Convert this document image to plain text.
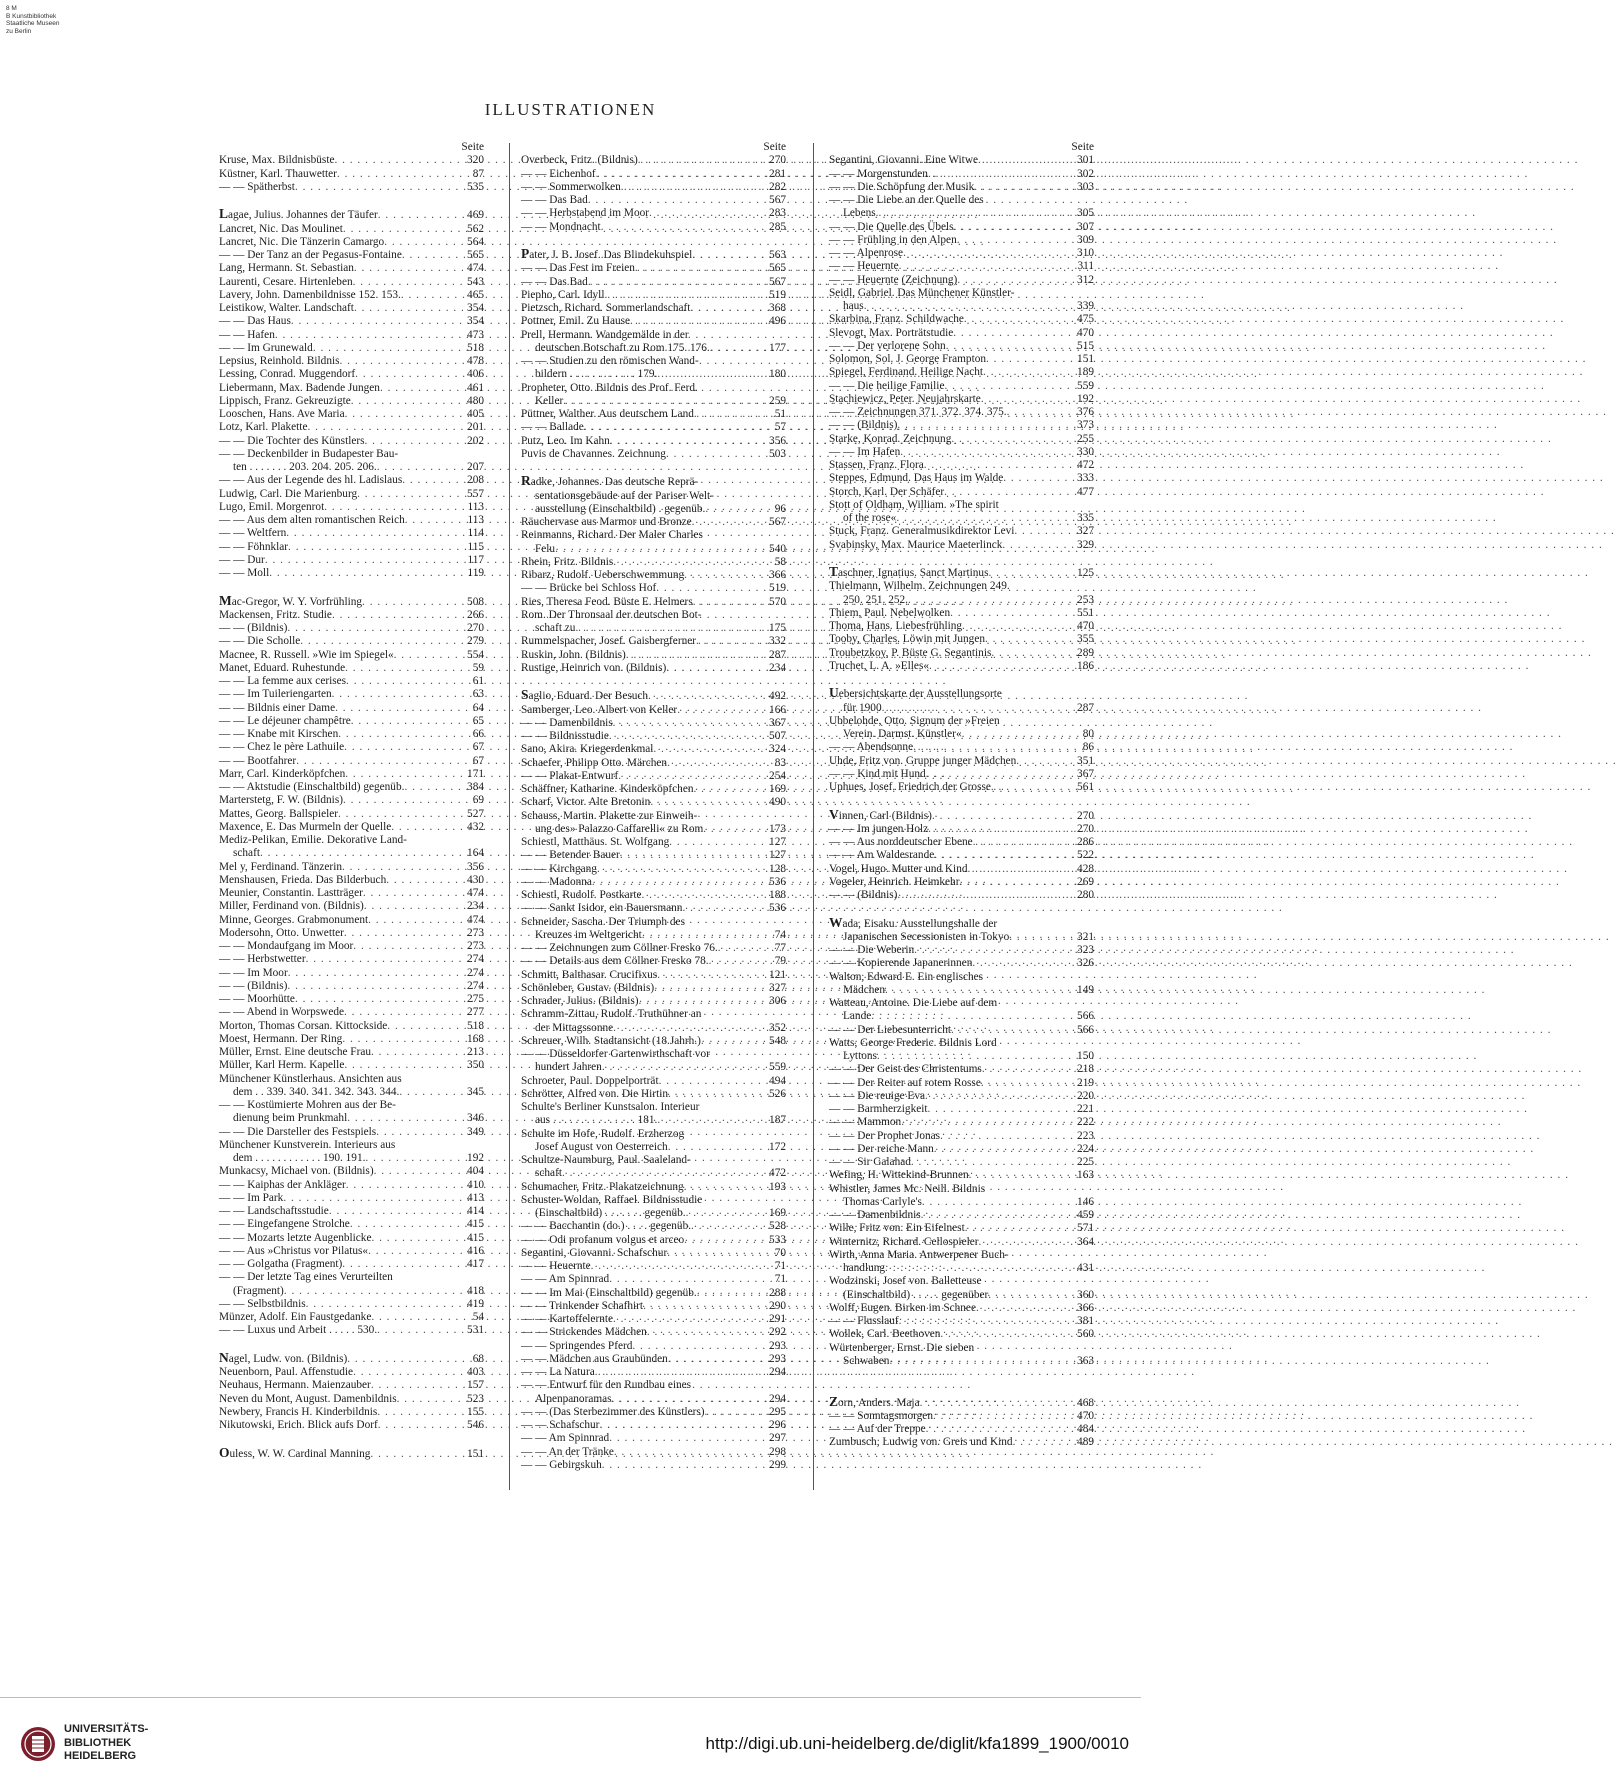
8 M
B Kunstbibliothek
Staatliche Museen
zu Berlin
ILLUSTRATIONEN
Seite
Kruse, Max. Bildnisbüste . . .	320
Küstner, Karl. Thauwetter . . .	87
— — Spätherbst . . .	535
Lagae, Julius. Johannes der Täufer . . .	469
Lancret, Nic. Das Moulinet . . .	562
Lancret, Nic. Die Tänzerin Camargo . . .	564
— — Der Tanz an der Pegasus-Fontaine . . .	565
Lang, Hermann. St. Sebastian . . .	474
Laurenti, Cesare. Hirtenleben . . .	543
Lavery, John. Damenbildnisse 152. 153. . . .	465
Leistikow, Walter. Landschaft . . .	354
— — Das Haus . . .	354
— — Hafen . . .	473
— — Im Grunewald . . .	518
Lepsius, Reinhold. Bildnis . . .	478
Lessing, Conrad. Muggendorf . . .	406
Liebermann, Max. Badende Jungen . . .	461
Lippisch, Franz. Gekreuzigte . . .	480
Looschen, Hans. Ave Maria . . .	405
Lotz, Karl. Plakette . . .	201
— — Die Tochter des Künstlers . . .	202
— — Deckenbilder in Budapester Bau-
ten . . . . . . . 203. 204. 205. 206. . . .	207
— — Aus der Legende des hl. Ladislaus . . .	208
Ludwig, Carl. Die Marienburg . . .	557
Lugo, Emil. Morgenrot . . .	113
— — Aus dem alten romantischen Reich . . .	113
— — Weltfern . . .	114
— — Föhnklar . . .	115
— — Dur . . .	117
— — Moll . . .	119
Mac-Gregor, W. Y. Vorfrühling . . .	508
Mackensen, Fritz. Studie . . .	266
— — (Bildnis) . . .	270
— — Die Scholle . . .	279
Macnee, R. Russell. »Wie im Spiegel« . . .	554
Manet, Eduard. Ruhestunde . . .	59
— — La femme aux cerises . . .	61
— — Im Tuileriengarten . . .	63
— — Bildnis einer Dame . . .	64
— — Le déjeuner champêtre . . .	65
— — Knabe mit Kirschen . . .	66
— — Chez le père Lathuile . . .	67
— — Bootfahrer . . .	67
Marr, Carl. Kinderköpfchen . . .	171
— — Aktstudie (Einschaltbild) gegenüb. . . .	384
Marterstetg, F. W. (Bildnis) . . .	69
Mattes, Georg. Ballspieler . . .	527
Maxence, E. Das Murmeln der Quelle . . .	432
Mediz-Pelikan, Emilie. Dekorative Land-
schaft . . .	164
Mel y, Ferdinand. Tänzerin . . .	356
Menshausen, Frieda. Das Bilderbuch . . .	430
Meunier, Constantin. Lastträger . . .	474
Miller, Ferdinand von. (Bildnis) . . .	234
Minne, Georges. Grabmonument . . .	474
Modersohn, Otto. Unwetter . . .	273
— — Mondaufgang im Moor . . .	273
— — Herbstwetter . . .	274
— — Im Moor . . .	274
— — (Bildnis) . . .	274
— — Moorhütte . . .	275
— — Abend in Worpswede . . .	277
Morton, Thomas Corsan. Kittockside . . .	518
Moest, Hermann. Der Ring . . .	168
Müller, Ernst. Eine deutsche Frau . . .	213
Müller, Karl Herm. Kapelle . . .	350
Münchener Künstlerhaus. Ansichten aus
dem . . 339. 340. 341. 342. 343. 344. . . .	345
— — Kostümierte Mohren aus der Be-
dienung beim Prunkmahl . . .	346
— — Die Darsteller des Festspiels . . .	349
Münchener Kunstverein. Interieurs aus
dem . . . . . . . . . . . . 190. 191. . . .	192
Munkacsy, Michael von. (Bildnis) . . .	404
— — Kaiphas der Ankläger . . .	410
— — Im Park . . .	413
— — Landschaftsstudie . . .	414
— — Eingefangene Strolche . . .	415
— — Mozarts letzte Augenblicke . . .	415
— — Aus »Christus vor Pilatus« . . .	416
— — Golgatha (Fragment) . . .	417
— — Der letzte Tag eines Verurteilten
(Fragment) . . .	418
— — Selbstbildnis . . .	419
Münzer, Adolf. Ein Faustgedanke . . .	54
— — Luxus und Arbeit . . . . . 530. . . .	531
Nagel, Ludw. von. (Bildnis) . . .	68
Neuenborn, Paul. Affenstudie . . .	403
Neuhaus, Hermann. Maienzauber . . .	157
Neven du Mont, August. Damenbildnis . . .	523
Newbery, Francis H. Kinderbildnis . . .	155
Nikutowski, Erich. Blick aufs Dorf . . .	546
Ouless, W. W. Cardinal Manning . . .	151
Seite
Overbeck, Fritz. (Bildnis) . . .	270
— — Eichenhof . . .	281
— — Sommerwolken . . .	282
— — Das Bad . . .	567
— — Herbstabend im Moor . . .	283
— — Mondnacht . . .	285
Pater, J. B. Josef. Das Blindekuhspiel . . .	563
— — Das Fest im Freien . . .	565
— — Das Bad . . .	567
Piepho, Carl. Idyll . . .	519
Pietzsch, Richard. Sommerlandschaft . . .	368
Pottner, Emil. Zu Hause . . .	496
Prell, Hermann. Wandgemälde in der
deutschen Botschaft zu Rom 175. 176. . . .	177
— — Studien zu den römischen Wand-
bildern . . . . . . . . . . . . 179. . . .	180
Propheter, Otto. Bildnis des Prof. Ferd.
Keller . . .	259
Püttner, Walther. Aus deutschem Land . . .	51
— — Ballade . . .	57
Putz, Leo. Im Kahn . . .	356
Puvis de Chavannes. Zeichnung . . .	503
Radke, Johannes. Das deutsche Reprä-
sentationsgebäude auf der Pariser Welt-
ausstellung (Einschaltbild) . gegenüb. . . .	96
Räuchervase aus Marmor und Bronze . . .	567
Reinmanns, Richard. Der Maler Charles
Felu . . .	540
Rhein, Fritz. Bildnis . . .	58
Ribarz, Rudolf. Ueberschwemmung . . .	366
— — Brücke bei Schloss Hof . . .	519
Ries, Theresa Feod. Büste E. Helmers . . .	570
Rom. Der Thronsaal der deutschen Bot-
schaft zu . . .	175
Rummelspacher, Josef. Gaisbergferner . . .	332
Ruskin, John. (Bildnis) . . .	287
Rustige, Heinrich von. (Bildnis) . . .	234
Saglio, Eduard. Der Besuch . . .	492
Samberger, Leo. Albert von Keller . . .	166
— — Damenbildnis . . .	367
— — Bildnisstudie . . .	507
Sano, Akira. Kriegerdenkmal . . .	324
Schaefer, Philipp Otto. Märchen . . .	83
— — Plakat-Entwurf . . .	254
Schäffner, Katharine. Kinderköpfchen . . .	169
Scharf, Victor. Alte Bretonin . . .	490
Schauss, Martin. Plakette zur Einweih-
ung des» Palazzo Caffarelli« zu Rom . . .	173
Schiestl, Matthäus. St. Wolfgang . . .	127
— — Betender Bauer . . .	127
— — Kirchgang . . .	128
— — Madonna . . .	536
Schiestl, Rudolf. Postkarte . . .	188
— — Sankt Isidor, ein Bauersmann . . .	536
Schneider, Sascha. Der Triumph des
Kreuzes im Weltgericht . . .	74
— — Zeichnungen zum Cöllner Fresko 76. . . .	77
— — Details aus dem Cöllner Fresko 78. . . .	79
Schmitt, Balthasar. Crucifixus . . .	121
Schönleber, Gustav. (Bildnis) . . .	327
Schrader, Julius. (Bildnis) . . .	306
Schramm-Zittau, Rudolf. Truthühner an
der Mittagssonne . . .	352
Schreuer, Wilh. Stadtansicht (18.Jahrh.) . . .	548
— — Düsseldorfer Gartenwirthschaft vor
hundert Jahren . . .	559
Schroeter, Paul. Doppelporträt . . .	494
Schrötter, Alfred von. Die Hirtin . . .	526
Schulte's Berliner Kunstsalon. Interieur
aus . . . . . . . . . . . . . . . 181. . . .	187
Schulte im Hofe, Rudolf. Erzherzog
Josef August von Oesterreich . . .	172
Schultze-Naumburg, Paul. Saaleland-
schaft . . .	472
Schumacher, Fritz. Plakatzeichnung . . .	193
Schuster-Woldan, Raffael. Bildnisstudie
(Einschaltbild) . . . . . . . gegenüb. . . .	169
— — Bacchantin (do.) . . . . gegenüb. . . .	528
— — Odi profanum volgus et arceo . . .	533
Segantini, Giovanni. Schafschur . . .	70
— — Heuernte . . .	71
— — Am Spinnrad . . .	71
— — Im Mai (Einschaltbild) gegenüb. . . .	288
— — Trinkender Schafhirt . . .	290
— — Kartoffelernte . . .	291
— — Strickendes Mädchen . . .	292
— — Springendes Pferd . . .	293
— — Mädchen aus Graubünden . . .	293
— — La Natura . . .	294
— — Entwurf für den Rundbau eines
Alpenpanoramas . . .	294
— — (Das Sterbezimmer des Künstlers) . . .	295
— — Schafschur . . .	296
— — Am Spinnrad . . .	297
— — An der Tränke . . .	298
— — Gebirgskuh . . .	299
Seite
Segantini, Giovanni. Eine Witwe . . .	301
— — Morgenstunden . . .	302
— — Die Schöpfung der Musik . . .	303
— — Die Liebe an der Quelle des
Lebens . . .	305
— — Die Quelle des Übels . . .	307
— — Frühling in den Alpen . . .	309
— — Alpenrose . . .	310
— — Heuernte . . .	311
— — Heuernte (Zeichnung) . . .	312
Seidl, Gabriel. Das Münchener Künstler-
haus . . .	339
Skarbina, Franz. Schildwache . . .	475
Slevogt, Max. Porträtstudie . . .	470
— — Der verlorene Sohn . . .	515
Solomon, Sol. J. George Frampton . . .	151
Spiegel, Ferdinand. Heilige Nacht . . .	189
— — Die heilige Familie . . .	559
Stachiewicz, Peter. Neujahrskarte . . .	192
— — Zeichnungen 371. 372. 374. 375. . . .	376
— — (Bildnis) . . .	373
Starke, Konrad. Zeichnung . . .	255
— — Im Hafen . . .	330
Stassen, Franz. Flora . . .	472
Steppes, Edmund. Das Haus im Walde . . .	333
Storch, Karl. Der Schäfer . . .	477
Stott of Oldham, William. »The spirit
of the rose« . . .	335
Stuck, Franz. Generalmusikdirektor Levi . . .	327
Svabinsky, Max. Maurice Maeterlinck . . .	329
Taschner, Ignatius. Sanct Martinus . . .	125
Thielmann, Wilhelm. Zeichnungen 249.
250. 251. 252. . . .	253
Thiem, Paul. Nebelwolken . . .	551
Thoma, Hans. Liebesfrühling . . .	470
Tooby, Charles. Löwin mit Jungen . . .	355
Troubetzkoy, P. Büste G. Segantinis . . .	289
Truchet, L. A. »Elles« . . .	186
Uebersichtskarte der Ausstellungsorte
für 1900 . . .	287
Ubbelohde, Otto. Signum der »Freien
Verein. Darmst. Künstler« . . .	80
— — Abendsonne . . .	86
Uhde, Fritz von. Gruppe junger Mädchen . . .	351
— — Kind mit Hund . . .	367
Uphues, Josef. Friedrich der Grosse . . .	561
Vinnen, Carl (Bildnis) . . .	270
— — Im jungen Holz . . .	270
— — Aus norddeutscher Ebene . . .	286
— — Am Waldesrande . . .	522
Vogel, Hugo. Mutter und Kind . . .	428
Vogeler, Heinrich. Heimkehr . . .	269
— — (Bildnis) . . .	280
Wada, Eisaku. Ausstellungshalle der
Japanischen Secessionisten in Tokyo . . .	321
— — Die Weberin . . .	323
— — Kopierende Japanerinnen . . .	326
Walton, Edward E. Ein englisches
Mädchen . . .	149
Watteau, Antoine. Die Liebe auf dem
Lande . . .	566
— — Der Liebesunterricht . . .	566
Watts, George Frederic. Bildnis Lord
Lyttons . . .	150
— — Der Geist des Christentums . . .	218
— — Der Reiter auf rotem Rosse . . .	219
— — Die reuige Eva . . .	220
— — Barmherzigkeit . . .	221
— — Mammon . . .	222
— — Der Prophet Jonas . . .	223
— — Der reiche Mann . . .	224
— — Sir Galahad . . .	225
Wefing, H. Wittekind-Brunnen . . .	163
Whistler, James Mc. Neill. Bildnis
Thomas Carlyle's . . .	146
— — Damenbildnis . . .	459
Wille, Fritz von. Ein Eifelnest . . .	571
Winternitz, Richard. Cellospieler . . .	364
Wirth, Anna Maria. Antwerpener Buch-
handlung . . .	431
Wodzinski, Josef von. Balletteuse
(Einschaltbild) . . . . . gegenüber . . .	360
Wolff, Eugen. Birken im Schnee . . .	366
— — Flusslauf . . .	381
Wollek, Carl. Beethoven . . .	560
Würtenberger, Ernst. Die sieben
Schwaben . . .	363
Zorn, Anders. Maja . . .	468
— — Sonntagsmorgen . . .	470
— — Auf der Treppe . . .	484
Zumbusch, Ludwig von. Greis und Kind . . .	489
UNIVERSITÄTS-
BIBLIOTHEK
HEIDELBERG
http://digi.ub.uni-heidelberg.de/diglit/kfa1899_1900/0010
